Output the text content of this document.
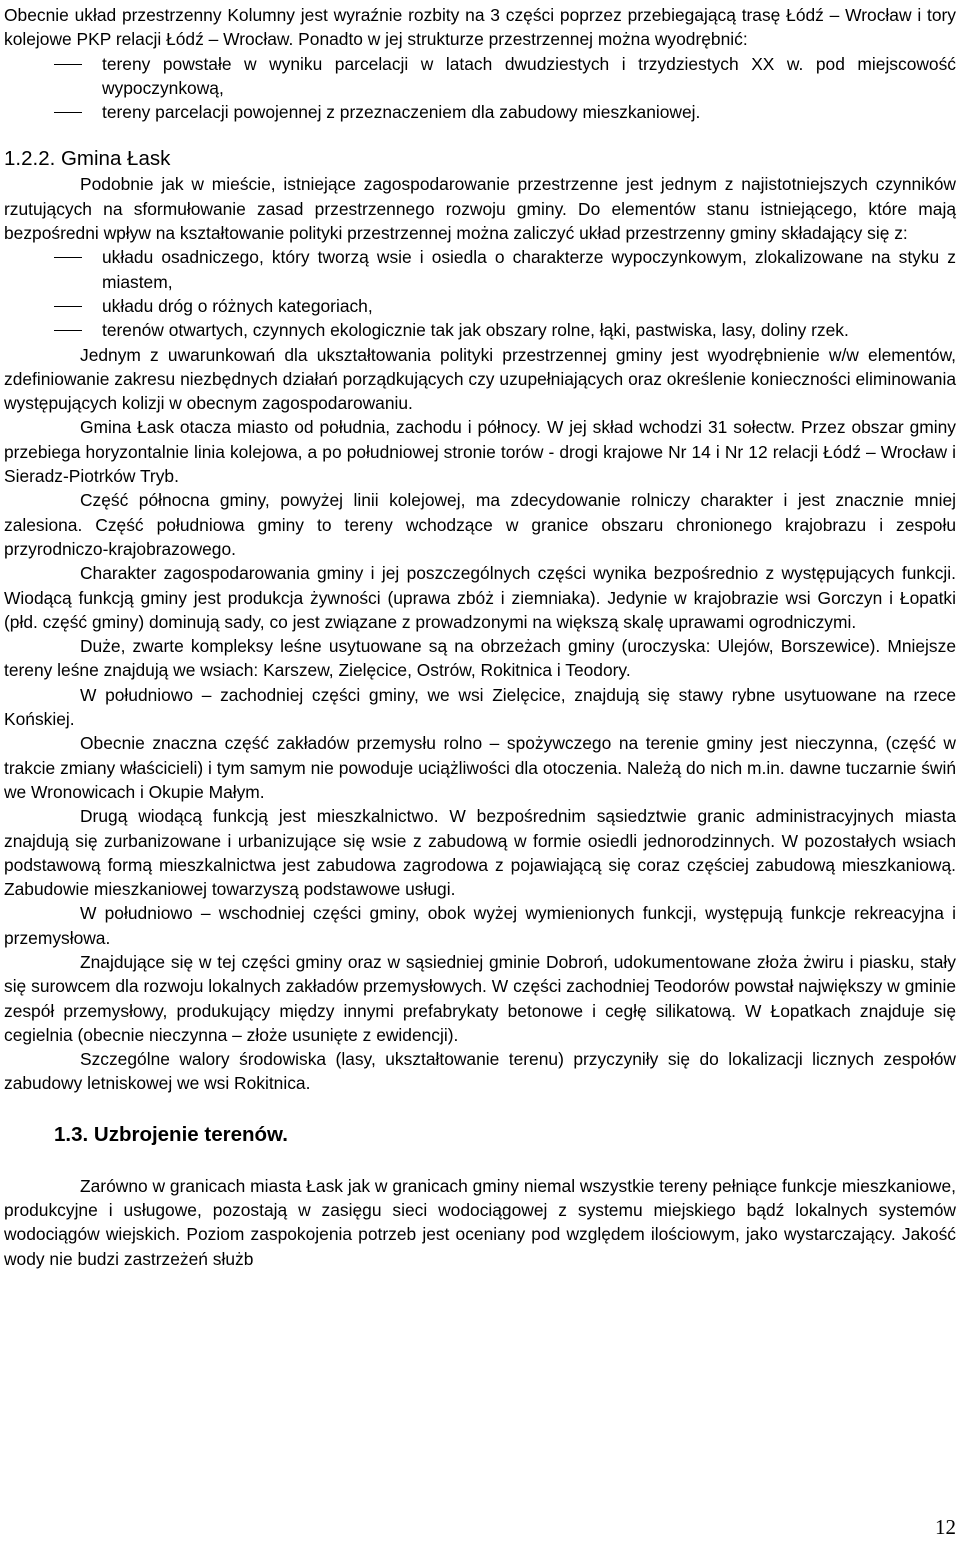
Obecnie układ przestrzenny Kolumny jest wyraźnie rozbity na 3 części poprzez przebiegającą trasę Łódź – Wrocław i tory kolejowe PKP relacji Łódź – Wrocław. Ponadto w jej strukturze przestrzennej można wyodrębnić:

tereny powstałe w wyniku parcelacji w latach dwudziestych i trzydziestych XX w. pod miejscowość wypoczynkową,
tereny parcelacji powojennej z przeznaczeniem dla zabudowy mieszkaniowej.
1.2.2. Gmina Łask

Podobnie jak w mieście, istniejące zagospodarowanie przestrzenne jest jednym z najistotniejszych czynników rzutujących na sformułowanie zasad przestrzennego rozwoju gminy. Do elementów stanu istniejącego, które mają bezpośredni wpływ na kształtowanie polityki przestrzennej można zaliczyć układ przestrzenny gminy składający się z:

układu osadniczego, który tworzą wsie i osiedla o charakterze wypoczynkowym, zlokalizowane na styku z miastem,
układu dróg o różnych kategoriach,
terenów otwartych, czynnych ekologicznie tak jak obszary rolne, łąki, pastwiska, lasy, doliny rzek.

Jednym z uwarunkowań dla ukształtowania polityki przestrzennej gminy jest wyodrębnienie w/w elementów, zdefiniowanie zakresu niezbędnych działań porządkujących czy uzupełniających oraz określenie konieczności eliminowania występujących kolizji w obecnym zagospodarowaniu.

Gmina Łask otacza miasto od południa, zachodu i północy. W jej skład wchodzi 31 sołectw. Przez obszar gminy przebiega horyzontalnie linia kolejowa, a po południowej stronie torów - drogi krajowe Nr 14 i Nr 12 relacji Łódź – Wrocław i Sieradz-Piotrków Tryb.

Część północna gminy, powyżej linii kolejowej, ma zdecydowanie rolniczy charakter i jest znacznie mniej zalesiona. Część południowa gminy to tereny wchodzące w granice obszaru chronionego krajobrazu i zespołu przyrodniczo-krajobrazowego.

Charakter zagospodarowania gminy i jej poszczególnych części wynika bezpośrednio z występujących funkcji. Wiodącą funkcją gminy jest produkcja żywności (uprawa zbóż i ziemniaka). Jedynie w krajobrazie wsi Gorczyn i Łopatki (płd. część gminy) dominują sady, co jest związane z prowadzonymi na większą skalę uprawami ogrodniczymi.

Duże, zwarte kompleksy leśne usytuowane są na obrzeżach gminy (uroczyska: Ulejów, Borszewice). Mniejsze tereny leśne znajdują we wsiach: Karszew, Zielęcice, Ostrów, Rokitnica i Teodory.

W południowo – zachodniej części gminy, we wsi Zielęcice, znajdują się stawy rybne usytuowane na rzece Końskiej.

Obecnie znaczna część zakładów przemysłu rolno – spożywczego na terenie gminy jest nieczynna, (część w trakcie zmiany właścicieli) i tym samym nie powoduje uciążliwości dla otoczenia. Należą do nich m.in. dawne tuczarnie świń we Wronowicach i Okupie Małym.

Drugą wiodącą funkcją jest mieszkalnictwo. W bezpośrednim sąsiedztwie granic administracyjnych miasta znajdują się zurbanizowane i urbanizujące się wsie z zabudową w formie osiedli jednorodzinnych. W pozostałych wsiach podstawową formą mieszkalnictwa jest zabudowa zagrodowa z pojawiającą się coraz częściej zabudową mieszkaniową. Zabudowie mieszkaniowej towarzyszą podstawowe usługi.

W południowo – wschodniej części gminy, obok wyżej wymienionych funkcji, występują funkcje rekreacyjna i przemysłowa.

Znajdujące się w tej części gminy oraz w sąsiedniej gminie Dobroń, udokumentowane złoża żwiru i piasku, stały się surowcem dla rozwoju lokalnych zakładów przemysłowych. W części zachodniej Teodorów powstał największy w gminie zespół przemysłowy, produkujący między innymi prefabrykaty betonowe i cegłę silikatową. W Łopatkach znajduje się cegielnia (obecnie nieczynna – złoże usunięte z ewidencji).

Szczególne walory środowiska (lasy, ukształtowanie terenu) przyczyniły się do lokalizacji licznych zespołów zabudowy letniskowej we wsi Rokitnica.

1.3. Uzbrojenie terenów.

Zarówno w granicach miasta Łask jak w granicach gminy niemal wszystkie tereny pełniące funkcje mieszkaniowe, produkcyjne i usługowe, pozostają w zasięgu sieci wodociągowej z systemu miejskiego bądź lokalnych systemów wodociągów wiejskich. Poziom zaspokojenia potrzeb jest oceniany pod względem ilościowym, jako wystarczający. Jakość wody nie budzi zastrzeżeń służb

12
